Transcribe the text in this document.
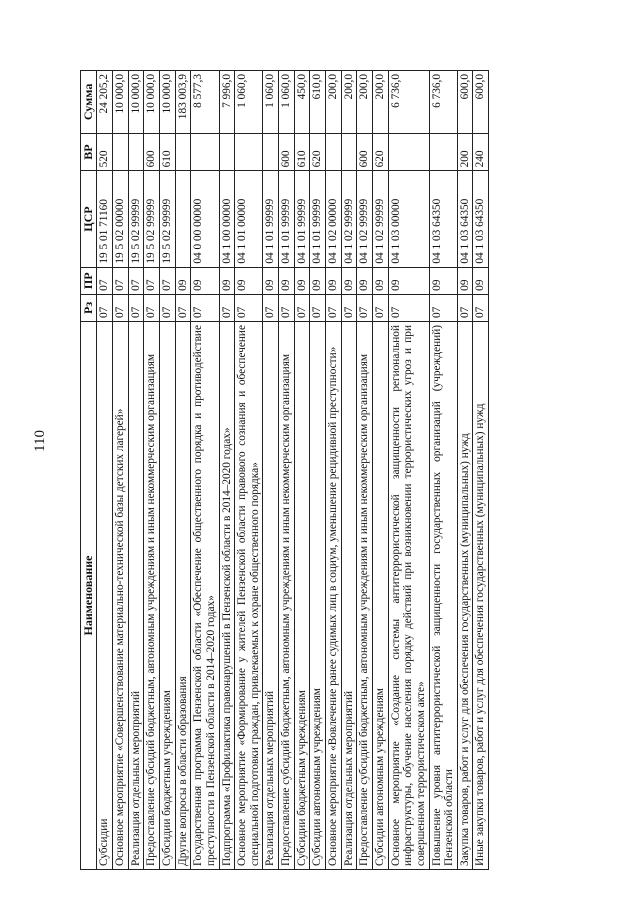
110
Наименование	Рз	ПР	ЦСР	ВР	Сумма
Субсидии	07	07	19 5 01 71160	520	24 205,2
Основное мероприятие «Совершенствование материально-технической базы детских лагерей»	07	07	19 5 02 00000		10 000,0
Реализация отдельных мероприятий	07	07	19 5 02 99999		10 000,0
Предоставление субсидий бюджетным, автономным учреждениям и иным некоммерческим организациям	07	07	19 5 02 99999	600	10 000,0
Субсидии бюджетным учреждениям	07	07	19 5 02 99999	610	10 000,0
Другие вопросы в области образования	07	09			183 003,9
Государственная программа Пензенской области «Обеспечение общественного порядка и противодействие преступности в Пензенской области в 2014–2020 годах»	07	09	04 0 00 00000		8 577,3
Подпрограмма «Профилактика правонарушений в Пензенской области в 2014–2020 годах»	07	09	04 1 00 00000		7 996,0
Основное мероприятие «Формирование у жителей Пензенской области правового сознания и обеспечение специальной подготовки граждан, привлекаемых к охране общественного порядка»	07	09	04 1 01 00000		1 060,0
Реализация отдельных мероприятий	07	09	04 1 01 99999		1 060,0
Предоставление субсидий бюджетным, автономным учреждениям и иным некоммерческим организациям	07	09	04 1 01 99999	600	1 060,0
Субсидии бюджетным учреждениям	07	09	04 1 01 99999	610	450,0
Субсидии автономным учреждениям	07	09	04 1 01 99999	620	610,0
Основное мероприятие «Вовлечение ранее судимых лиц в социум, уменьшение рецидивной преступности»	07	09	04 1 02 00000		200,0
Реализация отдельных мероприятий	07	09	04 1 02 99999		200,0
Предоставление субсидий бюджетным, автономным учреждениям и иным некоммерческим организациям	07	09	04 1 02 99999	600	200,0
Субсидии автономным учреждениям	07	09	04 1 02 99999	620	200,0
Основное мероприятие «Создание системы антитеррористической защищенности региональной инфраструктуры, обучение населения порядку действий при возникновении террористических угроз и при совершенном террористическом акте»	07	09	04 1 03 00000		6 736,0
Повышение уровня антитеррористической защищенности государственных организаций (учреждений) Пензенской области	07	09	04 1 03 64350		6 736,0
Закупка товаров, работ и услуг для обеспечения государственных (муниципальных) нужд	07	09	04 1 03 64350	200	600,0
Иные закупки товаров, работ и услуг для обеспечения государственных (муниципальных) нужд	07	09	04 1 03 64350	240	600,0
